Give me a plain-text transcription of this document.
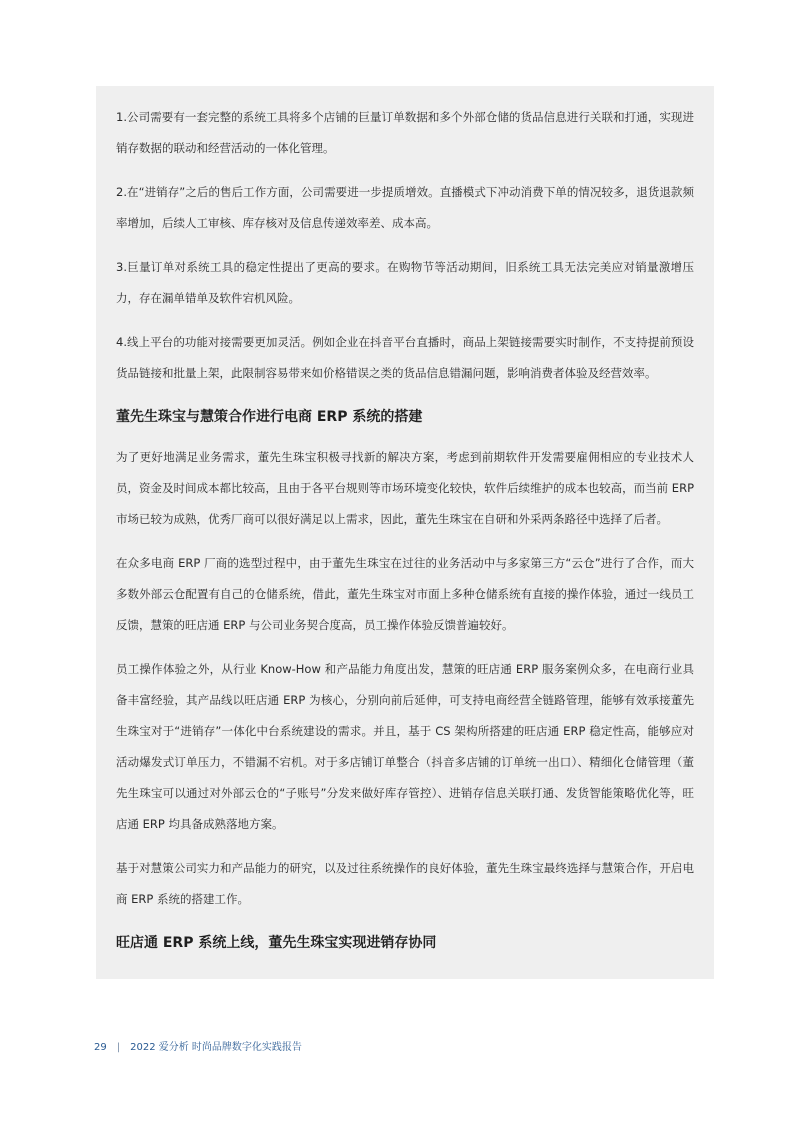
1.公司需要有一套完整的系统工具将多个店铺的巨量订单数据和多个外部仓储的货品信息进行关联和打通，实现进销存数据的联动和经营活动的一体化管理。

2.在“进销存”之后的售后工作方面，公司需要进一步提质增效。直播模式下冲动消费下单的情况较多，退货退款频率增加，后续人工审核、库存核对及信息传递效率差、成本高。

3.巨量订单对系统工具的稳定性提出了更高的要求。在购物节等活动期间，旧系统工具无法完美应对销量激增压力，存在漏单错单及软件宕机风险。

4.线上平台的功能对接需要更加灵活。例如企业在抖音平台直播时，商品上架链接需要实时制作，不支持提前预设货品链接和批量上架，此限制容易带来如价格错误之类的货品信息错漏问题，影响消费者体验及经营效率。

董先生珠宝与慧策合作进行电商 ERP 系统的搭建

为了更好地满足业务需求，董先生珠宝积极寻找新的解决方案，考虑到前期软件开发需要雇佣相应的专业技术人员，资金及时间成本都比较高，且由于各平台规则等市场环境变化较快，软件后续维护的成本也较高，而当前 ERP 市场已较为成熟，优秀厂商可以很好满足以上需求，因此，董先生珠宝在自研和外采两条路径中选择了后者。

在众多电商 ERP 厂商的选型过程中，由于董先生珠宝在过往的业务活动中与多家第三方“云仓”进行了合作，而大多数外部云仓配置有自己的仓储系统，借此，董先生珠宝对市面上多种仓储系统有直接的操作体验，通过一线员工反馈，慧策的旺店通 ERP 与公司业务契合度高，员工操作体验反馈普遍较好。

员工操作体验之外，从行业 Know-How 和产品能力角度出发，慧策的旺店通 ERP 服务案例众多，在电商行业具备丰富经验，其产品线以旺店通 ERP 为核心，分别向前后延伸，可支持电商经营全链路管理，能够有效承接董先生珠宝对于“进销存”一体化中台系统建设的需求。并且，基于 CS 架构所搭建的旺店通 ERP 稳定性高，能够应对活动爆发式订单压力，不错漏不宕机。对于多店铺订单整合（抖音多店铺的订单统一出口）、精细化仓储管理（董先生珠宝可以通过对外部云仓的“子账号”分发来做好库存管控）、进销存信息关联打通、发货智能策略优化等，旺店通 ERP 均具备成熟落地方案。

基于对慧策公司实力和产品能力的研究，以及过往系统操作的良好体验，董先生珠宝最终选择与慧策合作，开启电商 ERP 系统的搭建工作。

旺店通 ERP 系统上线，董先生珠宝实现进销存协同
29 | 2022 爱分析 时尚品牌数字化实践报告
